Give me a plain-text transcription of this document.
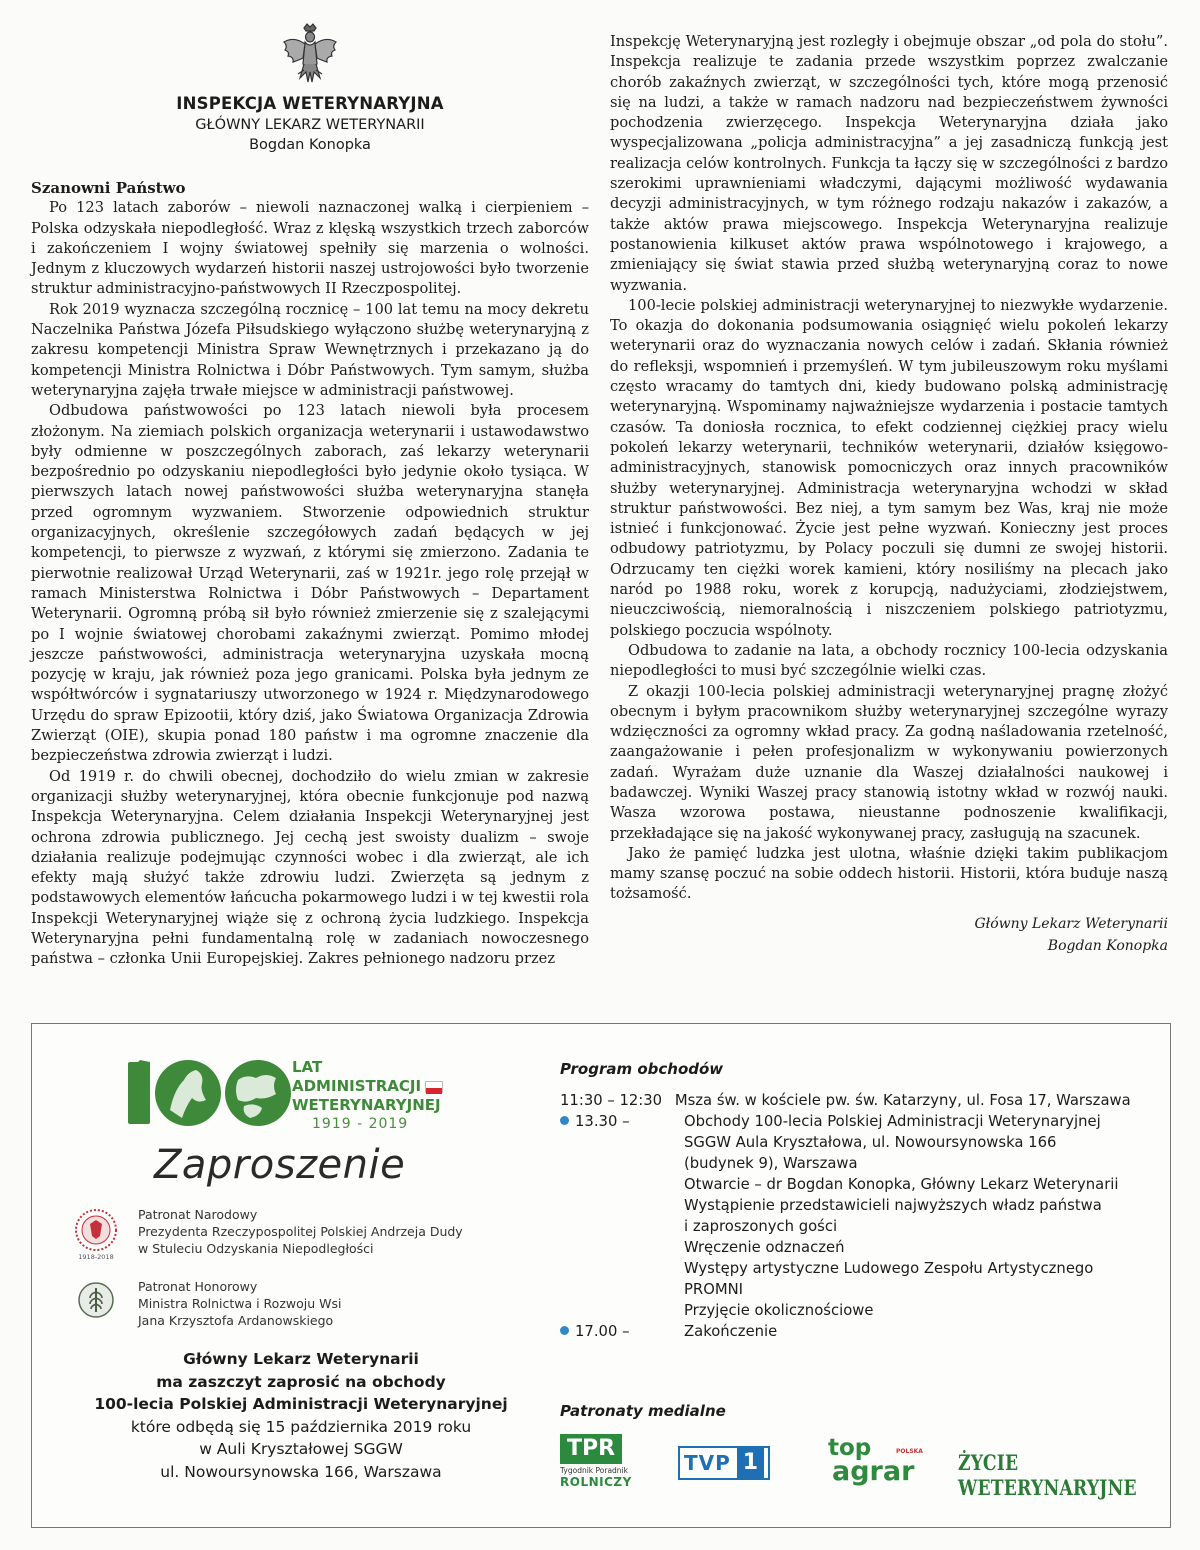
INSPEKCJA WETERYNARYJNA
GŁÓWNY LEKARZ WETERYNARII
Bogdan Konopka

Szanowni Państwo

Po 123 latach zaborów – niewoli naznaczonej walką i cierpieniem – Polska odzyskała niepodległość. Wraz z klęską wszystkich trzech zaborców i zakończeniem I wojny światowej spełniły się marzenia o wolności. Jednym z kluczowych wydarzeń historii naszej ustrojowości było tworzenie struktur administracyjno-państwowych II Rzeczpospolitej.

Rok 2019 wyznacza szczególną rocznicę – 100 lat temu na mocy dekretu Naczelnika Państwa Józefa Piłsudskiego wyłączono służbę weterynaryjną z zakresu kompetencji Ministra Spraw Wewnętrznych i przekazano ją do kompetencji Ministra Rolnictwa i Dóbr Państwowych. Tym samym, służba weterynaryjna zajęła trwałe miejsce w administracji państwowej.

Odbudowa państwowości po 123 latach niewoli była procesem złożonym. Na ziemiach polskich organizacja weterynarii i ustawodawstwo były odmienne w poszczególnych zaborach, zaś lekarzy weterynarii bezpośrednio po odzyskaniu niepodległości było jedynie około tysiąca. W pierwszych latach nowej państwowości służba weterynaryjna stanęła przed ogromnym wyzwaniem. Stworzenie odpowiednich struktur organizacyjnych, określenie szczegółowych zadań będących w jej kompetencji, to pierwsze z wyzwań, z którymi się zmierzono. Zadania te pierwotnie realizował Urząd Weterynarii, zaś w 1921r. jego rolę przejął w ramach Ministerstwa Rolnictwa i Dóbr Państwowych – Departament Weterynarii. Ogromną próbą sił było również zmierzenie się z szalejącymi po I wojnie światowej chorobami zakaźnymi zwierząt. Pomimo młodej jeszcze państwowości, administracja weterynaryjna uzyskała mocną pozycję w kraju, jak również poza jego granicami. Polska była jednym ze współtwórców i sygnatariuszy utworzonego w 1924 r. Międzynarodowego Urzędu do spraw Epizootii, który dziś, jako Światowa Organizacja Zdrowia Zwierząt (OIE), skupia ponad 180 państw i ma ogromne znaczenie dla bezpieczeństwa zdrowia zwierząt i ludzi.

Od 1919 r. do chwili obecnej, dochodziło do wielu zmian w zakresie organizacji służby weterynaryjnej, która obecnie funkcjonuje pod nazwą Inspekcja Weterynaryjna. Celem działania Inspekcji Weterynaryjnej jest ochrona zdrowia publicznego. Jej cechą jest swoisty dualizm – swoje działania realizuje podejmując czynności wobec i dla zwierząt, ale ich efekty mają służyć także zdrowiu ludzi. Zwierzęta są jednym z podstawowych elementów łańcucha pokarmowego ludzi i w tej kwestii rola Inspekcji Weterynaryjnej wiąże się z ochroną życia ludzkiego. Inspekcja Weterynaryjna pełni fundamentalną rolę w zadaniach nowoczesnego państwa – członka Unii Europejskiej. Zakres pełnionego nadzoru przez

Inspekcję Weterynaryjną jest rozległy i obejmuje obszar „od pola do stołu”. Inspekcja realizuje te zadania przede wszystkim poprzez zwalczanie chorób zakaźnych zwierząt, w szczególności tych, które mogą przenosić się na ludzi, a także w ramach nadzoru nad bezpieczeństwem żywności pochodzenia zwierzęcego. Inspekcja Weterynaryjna działa jako wyspecjalizowana „policja administracyjna” a jej zasadniczą funkcją jest realizacja celów kontrolnych. Funkcja ta łączy się w szczególności z bardzo szerokimi uprawnieniami władczymi, dającymi możliwość wydawania decyzji administracyjnych, w tym różnego rodzaju nakazów i zakazów, a także aktów prawa miejscowego. Inspekcja Weterynaryjna realizuje postanowienia kilkuset aktów prawa wspólnotowego i krajowego, a zmieniający się świat stawia przed służbą weterynaryjną coraz to nowe wyzwania.

100-lecie polskiej administracji weterynaryjnej to niezwykłe wydarzenie. To okazja do dokonania podsumowania osiągnięć wielu pokoleń lekarzy weterynarii oraz do wyznaczania nowych celów i zadań. Skłania również do refleksji, wspomnień i przemyśleń. W tym jubileuszowym roku myślami często wracamy do tamtych dni, kiedy budowano polską administrację weterynaryjną. Wspominamy najważniejsze wydarzenia i postacie tamtych czasów. Ta doniosła rocznica, to efekt codziennej ciężkiej pracy wielu pokoleń lekarzy weterynarii, techników weterynarii, działów księgowo-administracyjnych, stanowisk pomocniczych oraz innych pracowników służby weterynaryjnej. Administracja weterynaryjna wchodzi w skład struktur państwowości. Bez niej, a tym samym bez Was, kraj nie może istnieć i funkcjonować. Życie jest pełne wyzwań. Konieczny jest proces odbudowy patriotyzmu, by Polacy poczuli się dumni ze swojej historii. Odrzucamy ten ciężki worek kamieni, który nosiliśmy na plecach jako naród po 1988 roku, worek z korupcją, nadużyciami, złodziejstwem, nieuczciwością, niemoralnością i niszczeniem polskiego patriotyzmu, polskiego poczucia wspólnoty.

Odbudowa to zadanie na lata, a obchody rocznicy 100-lecia odzyskania niepodległości to musi być szczególnie wielki czas.

Z okazji 100-lecia polskiej administracji weterynaryjnej pragnę złożyć obecnym i byłym pracownikom służby weterynaryjnej szczególne wyrazy wdzięczności za ogromny wkład pracy. Za godną naśladowania rzetelność, zaangażowanie i pełen profesjonalizm w wykonywaniu powierzonych zadań. Wyrażam duże uznanie dla Waszej działalności naukowej i badawczej. Wyniki Waszej pracy stanowią istotny wkład w rozwój nauki. Wasza wzorowa postawa, nieustanne podnoszenie kwalifikacji, przekładające się na jakość wykonywanej pracy, zasługują na szacunek.

Jako że pamięć ludzka jest ulotna, właśnie dzięki takim publikacjom mamy szansę poczuć na sobie oddech historii. Historii, która buduje naszą tożsamość.

Główny Lekarz Weterynarii
Bogdan Konopka
LAT
ADMINISTRACJI
WETERYNARYJNEJ
1919 - 2019
Zaproszenie
1918-2018
Patronat Narodowy
Prezydenta Rzeczypospolitej Polskiej Andrzeja Dudy
w Stuleciu Odzyskania Niepodległości
Patronat Honorowy
Ministra Rolnictwa i Rozwoju Wsi
Jana Krzysztofa Ardanowskiego
Główny Lekarz Weterynarii
ma zaszczyt zaprosić na obchody
100-lecia Polskiej Administracji Weterynaryjnej
które odbędą się 15 października 2019 roku
w Auli Kryształowej SGGW
ul. Nowoursynowska 166, Warszawa
Program obchodów
11:30 – 12:30 Msza św. w kościele pw. św. Katarzyny, ul. Fosa 17, Warszawa
13.30 –	Obchody 100-lecia Polskiej Administracji Weterynaryjnej
SGGW Aula Kryształowa, ul. Nowoursynowska 166
(budynek 9), Warszawa
Otwarcie – dr Bogdan Konopka, Główny Lekarz Weterynarii
Wystąpienie przedstawicieli najwyższych władz państwa
i zaproszonych gości
Wręczenie odznaczeń
Występy artystyczne Ludowego Zespołu Artystycznego
PROMNI
Przyjęcie okolicznościowe
17.00 –	Zakończenie
Patronaty medialne
TPR
Tygodnik Poradnik
ROLNICZY
TVP 1
top
agrar
POLSKA ŻYCIE WETERYNARYJNE
